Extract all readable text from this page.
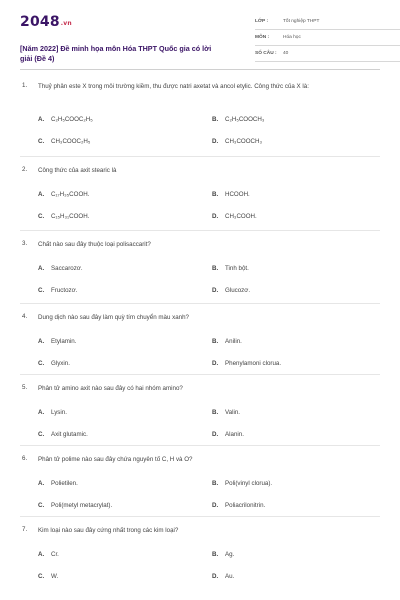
2048.vn
[Năm 2022] Đề minh họa môn Hóa THPT Quốc gia có lời giải (Đề 4)
LỚP :	Tốt nghiệp THPT
MÔN :	Hóa học
SỐ CÂU : 40
1. Thuỷ phân este X trong môi trường kiềm, thu được natri axetat và ancol etylic. Công thức của X là:
A. C₂H₅COOC₂H₅	B. C₂H₅COOCH₃
C. CH₃COOC₂H₅	D. CH₃COOCH₃
2. Công thức của axit stearic là
A. C₁₇H₃₅COOH.	B. HCOOH.
C. C₁₅H₃₁COOH.	D. CH₃COOH.
3. Chất nào sau đây thuộc loại polisaccarit?
A. Saccarozơ.	B. Tinh bột.
C. Fructozơ.	D. Glucozơ.
4. Dung dịch nào sau đây làm quỳ tím chuyển màu xanh?
A. Etylamin.	B. Anilin.
C. Glyxin.	D. Phenylamoni clorua.
5. Phân tử amino axit nào sau đây có hai nhóm amino?
A. Lysin.	B. Valin.
C. Axit glutamic.	D. Alanin.
6. Phân tử polime nào sau đây chứa nguyên tố C, H và O?
A. Polietilen.	B. Poli(vinyl clorua).
C. Poli(metyl metacrylat).	D. Poliacrilonitrin.
7. Kim loại nào sau đây cứng nhất trong các kim loại?
A. Cr.	B. Ag.
C. W.	D. Au.
